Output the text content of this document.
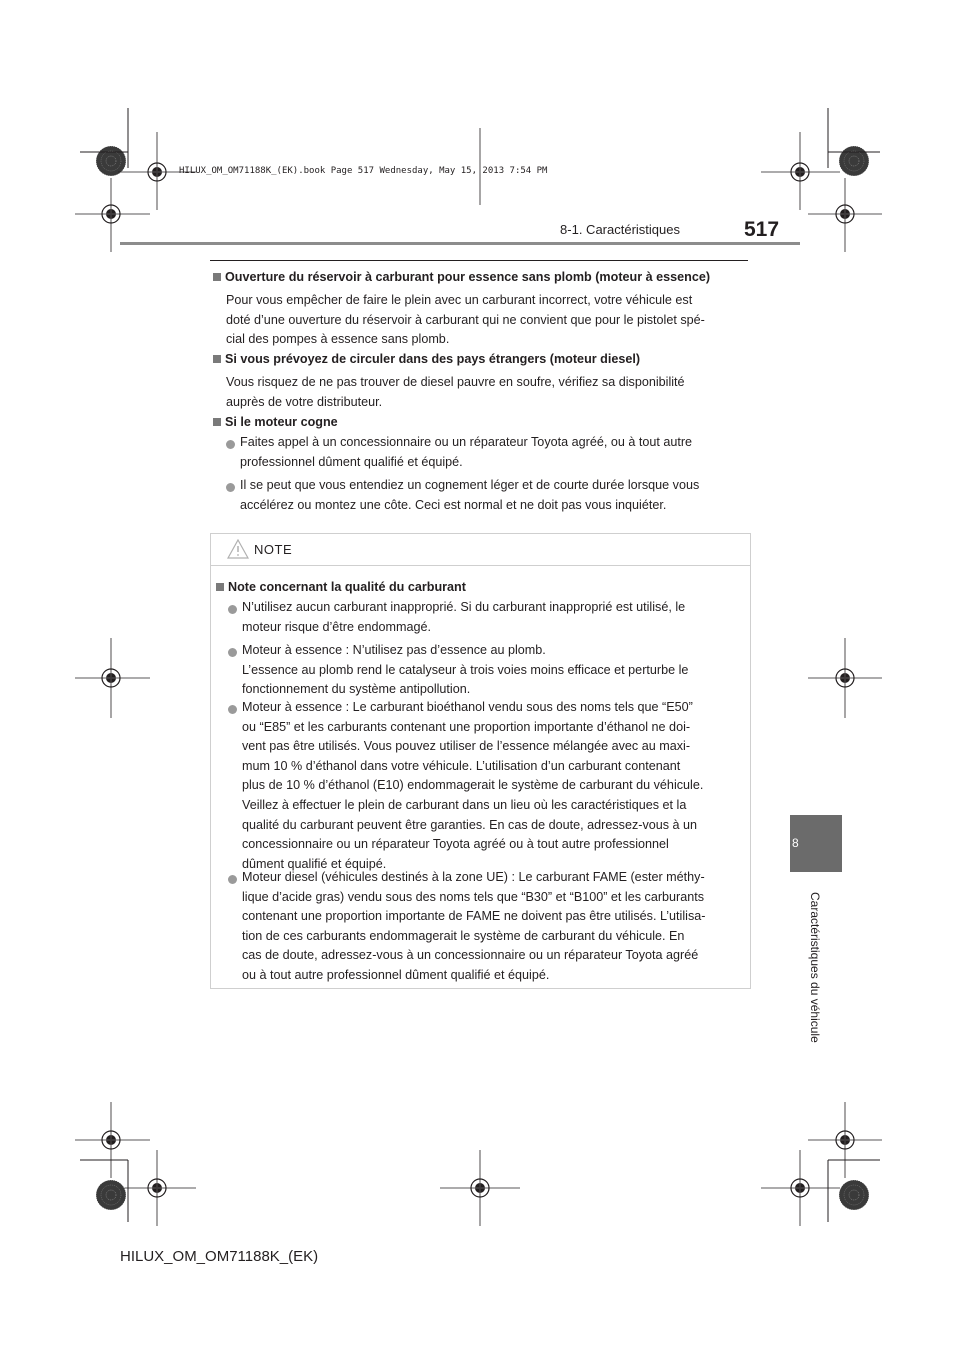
HILUX_OM_OM71188K_(EK).book Page 517 Wednesday, May 15, 2013 7:54 PM
8-1. Caractéristiques	517
Ouverture du réservoir à carburant pour essence sans plomb (moteur à essence)
Pour vous empêcher de faire le plein avec un carburant incorrect, votre véhicule est
doté d’une ouverture du réservoir à carburant qui ne convient que pour le pistolet spé-
cial des pompes à essence sans plomb.
Si vous prévoyez de circuler dans des pays étrangers (moteur diesel)
Vous risquez de ne pas trouver de diesel pauvre en soufre, vérifiez sa disponibilité
auprès de votre distributeur.
Si le moteur cogne
Faites appel à un concessionnaire ou un réparateur Toyota agréé, ou à tout autre
professionnel dûment qualifié et équipé.
Il se peut que vous entendiez un cognement léger et de courte durée lorsque vous
accélérez ou montez une côte. Ceci est normal et ne doit pas vous inquiéter.
NOTE
Note concernant la qualité du carburant
N’utilisez aucun carburant inapproprié. Si du carburant inapproprié est utilisé, le
moteur risque d’être endommagé.
Moteur à essence : N’utilisez pas d’essence au plomb.
L’essence au plomb rend le catalyseur à trois voies moins efficace et perturbe le
fonctionnement du système antipollution.
Moteur à essence : Le carburant bioéthanol vendu sous des noms tels que “E50”
ou “E85” et les carburants contenant une proportion importante d’éthanol ne doi-
vent pas être utilisés. Vous pouvez utiliser de l’essence mélangée avec au maxi-
mum 10 % d’éthanol dans votre véhicule. L’utilisation d’un carburant contenant
plus de 10 % d’éthanol (E10) endommagerait le système de carburant du véhicule.
Veillez à effectuer le plein de carburant dans un lieu où les caractéristiques et la
qualité du carburant peuvent être garanties. En cas de doute, adressez-vous à un
concessionnaire ou un réparateur Toyota agréé ou à tout autre professionnel
dûment qualifié et équipé.
Moteur diesel (véhicules destinés à la zone UE) : Le carburant FAME (ester méthy-
lique d’acide gras) vendu sous des noms tels que “B30” et “B100” et les carburants
contenant une proportion importante de FAME ne doivent pas être utilisés. L’utilisa-
tion de ces carburants endommagerait le système de carburant du véhicule. En
cas de doute, adressez-vous à un concessionnaire ou un réparateur Toyota agréé
ou à tout autre professionnel dûment qualifié et équipé.
8
Caractéristiques du véhicule
HILUX_OM_OM71188K_(EK)
